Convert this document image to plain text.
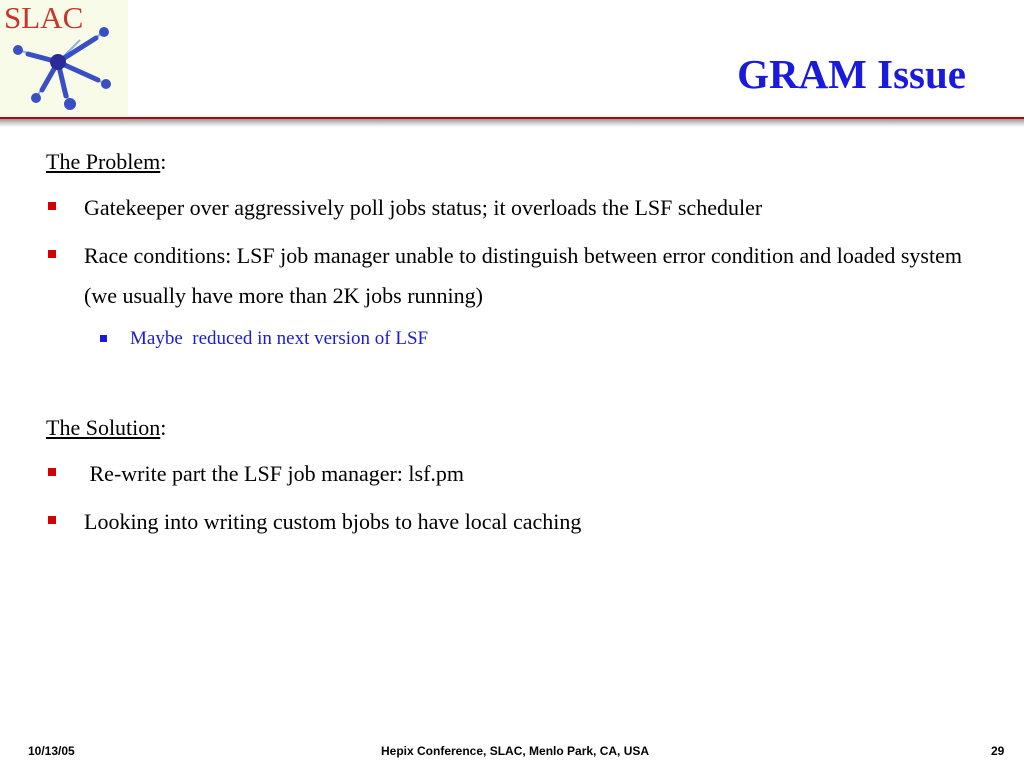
SLAC
GRAM Issue

The Problem:

Gatekeeper over aggressively poll jobs status; it overloads the LSF scheduler
Race conditions: LSF job manager unable to distinguish between error condition and loaded system (we usually have more than 2K jobs running)
Maybe  reduced in next version of LSF

The Solution:

Re-write part the LSF job manager: lsf.pm
Looking into writing custom bjobs to have local caching
10/13/05	Hepix Conference, SLAC, Menlo Park, CA, USA	29
